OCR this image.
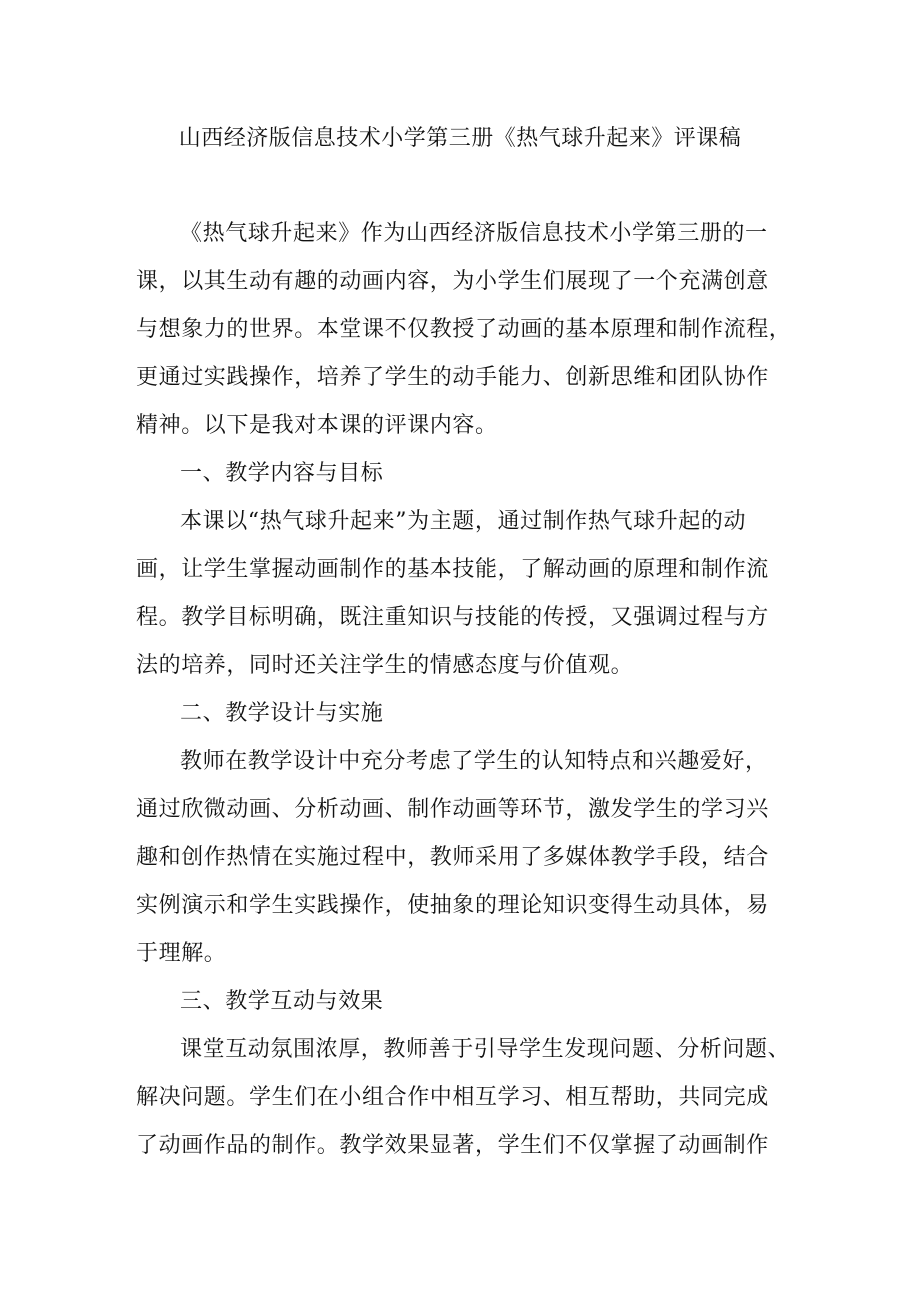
山西经济版信息技术小学第三册《热气球升起来》评课稿
《热气球升起来》作为山西经济版信息技术小学第三册的一
课，以其生动有趣的动画内容，为小学生们展现了一个充满创意
与想象力的世界。本堂课不仅教授了动画的基本原理和制作流程，
更通过实践操作，培养了学生的动手能力、创新思维和团队协作
精神。以下是我对本课的评课内容。
一、教学内容与目标
本课以“热气球升起来”为主题，通过制作热气球升起的动
画，让学生掌握动画制作的基本技能，了解动画的原理和制作流
程。教学目标明确，既注重知识与技能的传授，又强调过程与方
法的培养，同时还关注学生的情感态度与价值观。
二、教学设计与实施
教师在教学设计中充分考虑了学生的认知特点和兴趣爱好，
通过欣微动画、分析动画、制作动画等环节，激发学生的学习兴
趣和创作热情在实施过程中，教师采用了多媒体教学手段，结合
实例演示和学生实践操作，使抽象的理论知识变得生动具体，易
于理解。
三、教学互动与效果
课堂互动氛围浓厚，教师善于引导学生发现问题、分析问题、
解决问题。学生们在小组合作中相互学习、相互帮助，共同完成
了动画作品的制作。教学效果显著，学生们不仅掌握了动画制作
